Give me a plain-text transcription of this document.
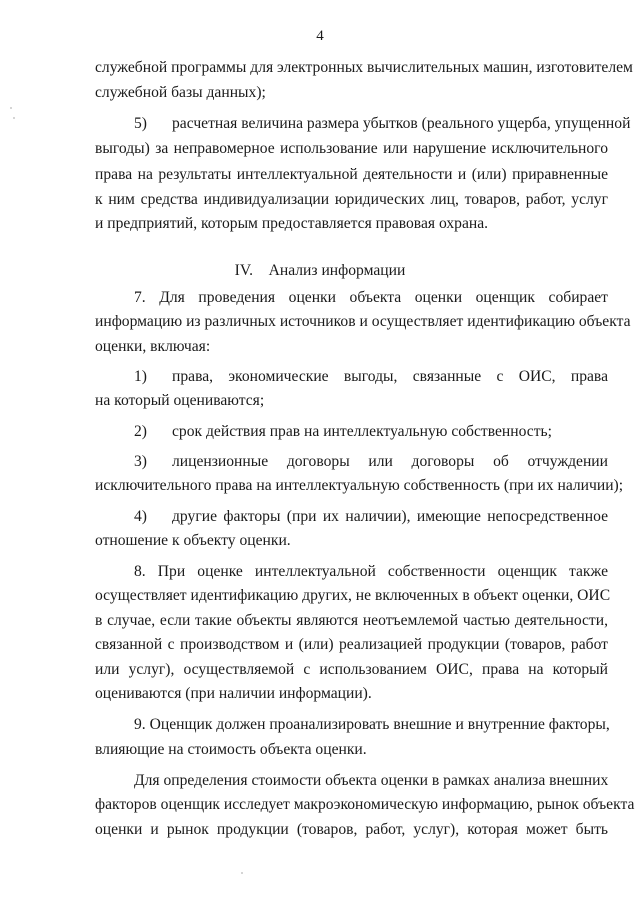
4
служебной программы для электронных вычислительных машин, изготовителем
служебной базы данных);
5) расчетная величина размера убытков (реального ущерба, упущенной
выгоды) за неправомерное использование или нарушение исключительного
права на результаты интеллектуальной деятельности и (или) приравненные
к ним средства индивидуализации юридических лиц, товаров, работ, услуг
и предприятий, которым предоставляется правовая охрана.
IV. Анализ информации
7. Для проведения оценки объекта оценки оценщик собирает
информацию из различных источников и осуществляет идентификацию объекта
оценки, включая:
1) права, экономические выгоды, связанные с ОИС, права
на который оцениваются;
2) срок действия прав на интеллектуальную собственность;
3) лицензионные договоры или договоры об отчуждении
исключительного права на интеллектуальную собственность (при их наличии);
4) другие факторы (при их наличии), имеющие непосредственное
отношение к объекту оценки.
8. При оценке интеллектуальной собственности оценщик также
осуществляет идентификацию других, не включенных в объект оценки, ОИС
в случае, если такие объекты являются неотъемлемой частью деятельности,
связанной с производством и (или) реализацией продукции (товаров, работ
или услуг), осуществляемой с использованием ОИС, права на который
оцениваются (при наличии информации).
9. Оценщик должен проанализировать внешние и внутренние факторы,
влияющие на стоимость объекта оценки.
Для определения стоимости объекта оценки в рамках анализа внешних
факторов оценщик исследует макроэкономическую информацию, рынок объекта
оценки и рынок продукции (товаров, работ, услуг), которая может быть
